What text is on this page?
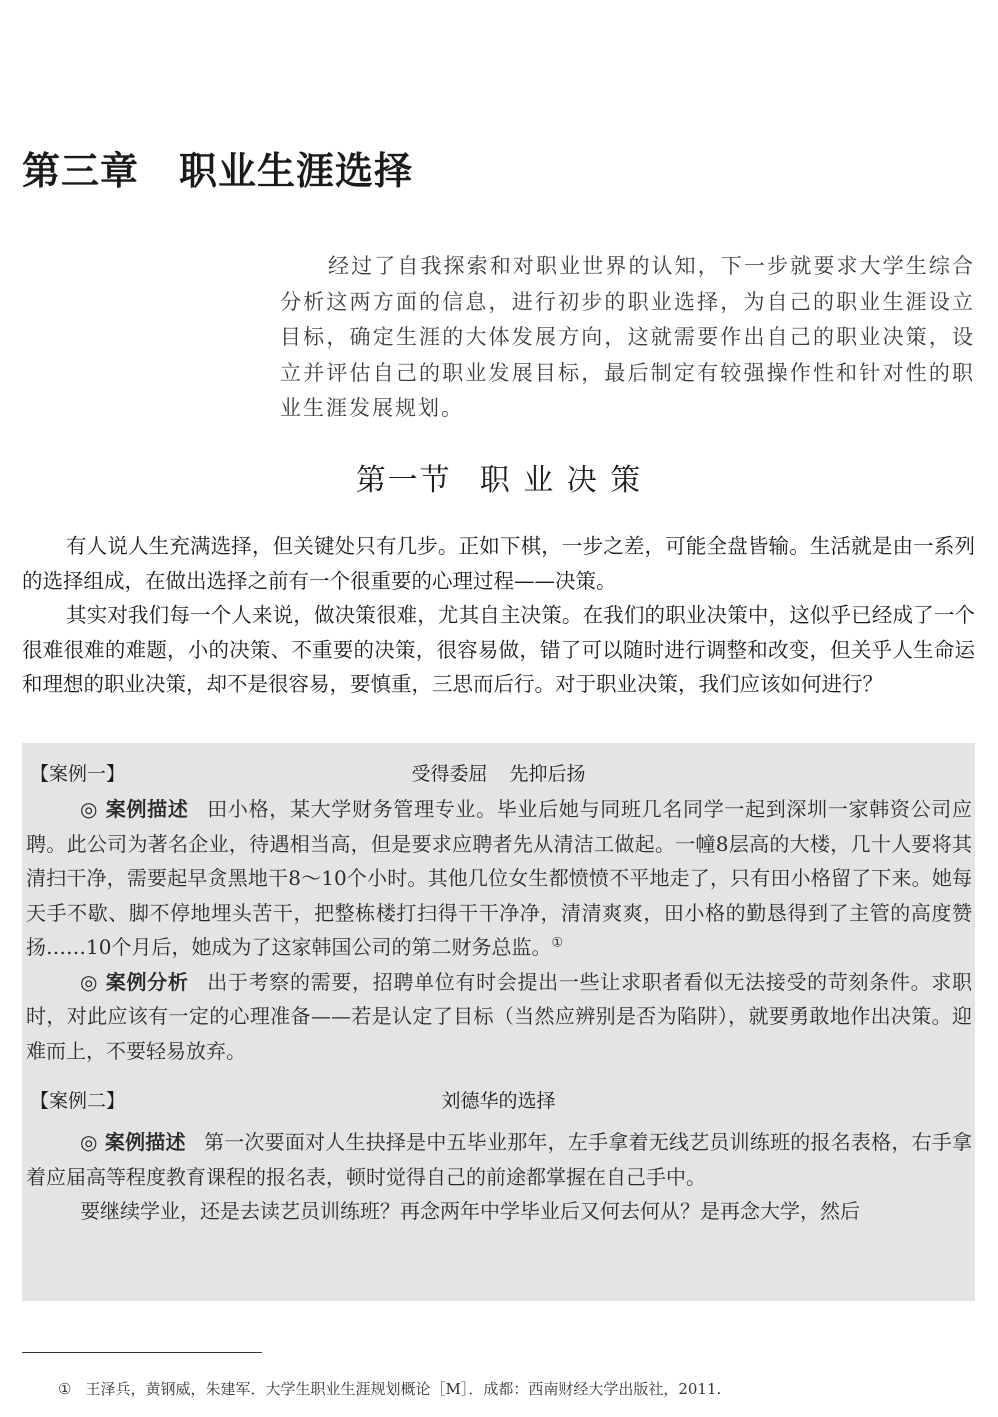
第三章 职业生涯选择

经过了自我探索和对职业世界的认知，下一步就要求大学生综合分析这两方面的信息，进行初步的职业选择，为自己的职业生涯设立目标，确定生涯的大体发展方向，这就需要作出自己的职业决策，设立并评估自己的职业发展目标，最后制定有较强操作性和针对性的职业生涯发展规划。

第一节 职 业 决 策

有人说人生充满选择，但关键处只有几步。正如下棋，一步之差，可能全盘皆输。生活就是由一系列的选择组成，在做出选择之前有一个很重要的心理过程——决策。

其实对我们每一个人来说，做决策很难，尤其自主决策。在我们的职业决策中，这似乎已经成了一个很难很难的难题，小的决策、不重要的决策，很容易做，错了可以随时进行调整和改变，但关乎人生命运和理想的职业决策，却不是很容易，要慎重，三思而后行。对于职业决策，我们应该如何进行？

【案例一】	受得委屈 先抑后扬

◎ 案例描述 田小格，某大学财务管理专业。毕业后她与同班几名同学一起到深圳一家韩资公司应聘。此公司为著名企业，待遇相当高，但是要求应聘者先从清洁工做起。一幢8层高的大楼，几十人要将其清扫干净，需要起早贪黑地干8～10个小时。其他几位女生都愤愤不平地走了，只有田小格留了下来。她每天手不歇、脚不停地埋头苦干，把整栋楼打扫得干干净净，清清爽爽，田小格的勤恳得到了主管的高度赞扬……10个月后，她成为了这家韩国公司的第二财务总监。①

◎ 案例分析 出于考察的需要，招聘单位有时会提出一些让求职者看似无法接受的苛刻条件。求职时，对此应该有一定的心理准备——若是认定了目标（当然应辨别是否为陷阱），就要勇敢地作出决策。迎难而上，不要轻易放弃。

【案例二】	刘德华的选择

◎ 案例描述 第一次要面对人生抉择是中五毕业那年，左手拿着无线艺员训练班的报名表格，右手拿着应届高等程度教育课程的报名表，顿时觉得自己的前途都掌握在自己手中。

要继续学业，还是去读艺员训练班？再念两年中学毕业后又何去何从？是再念大学，然后

① 王泽兵，黄钢威，朱建军．大学生职业生涯规划概论［M］．成都：西南财经大学出版社，2011.
